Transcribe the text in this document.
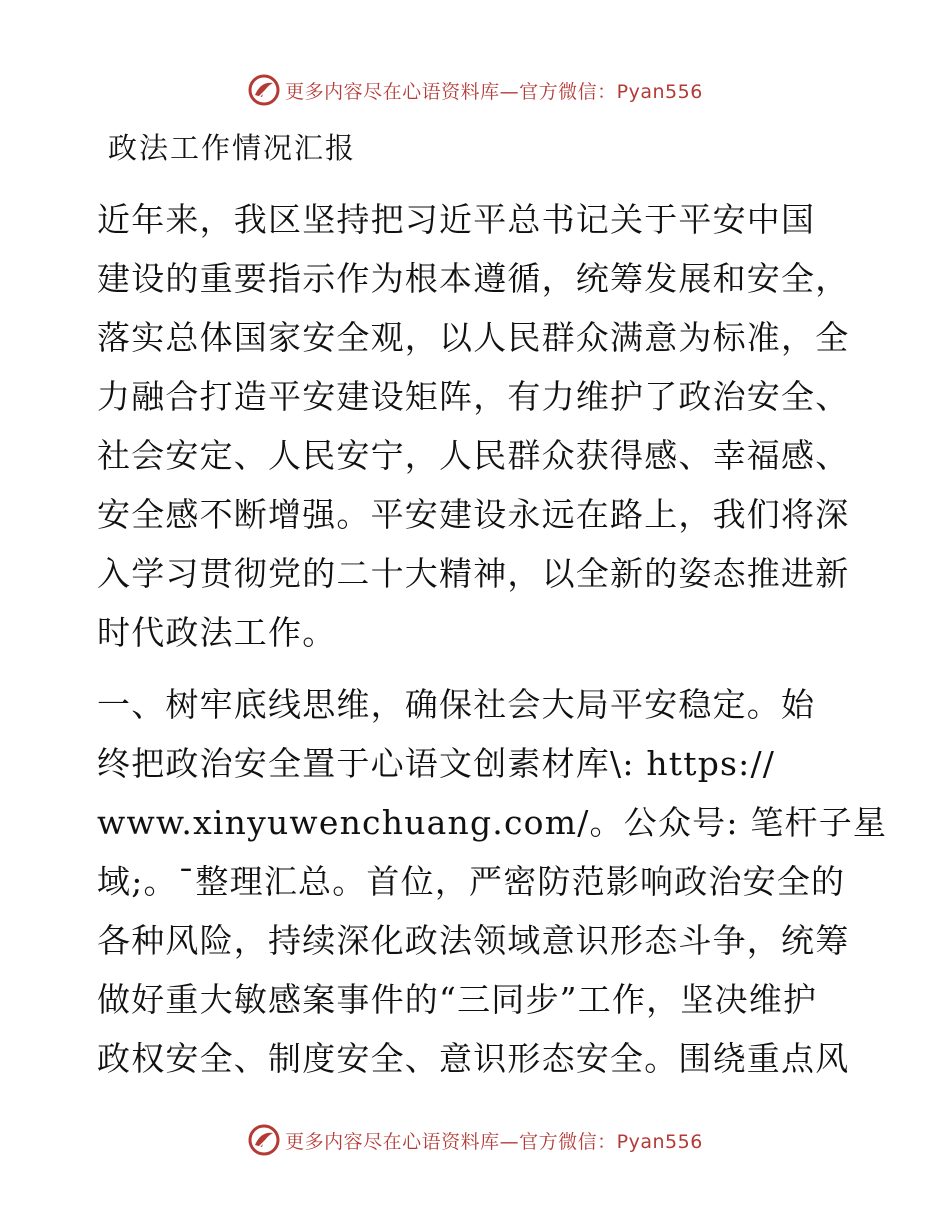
更多内容尽在心语资料库—官方微信：Pyan556
政法工作情况汇报

近年来，我区坚持把习近平总书记关于平安中国
建设的重要指示作为根本遵循，统筹发展和安全，
落实总体国家安全观，以人民群众满意为标准，全
力融合打造平安建设矩阵，有力维护了政治安全、
社会安定、人民安宁，人民群众获得感、幸福感、
安全感不断增强。平安建设永远在路上，我们将深
入学习贯彻党的二十大精神，以全新的姿态推进新
时代政法工作。

一、树牢底线思维，确保社会大局平安稳定。始
终把政治安全置于心语文创素材库\: https://
www.xinyuwenchuang.com/。公众号: 笔杆子星
域;。¯整理汇总。首位，严密防范影响政治安全的
各种风险，持续深化政法领域意识形态斗争，统筹
做好重大敏感案事件的“三同步”工作，坚决维护
政权安全、制度安全、意识形态安全。围绕重点风

更多内容尽在心语资料库—官方微信：Pyan556
